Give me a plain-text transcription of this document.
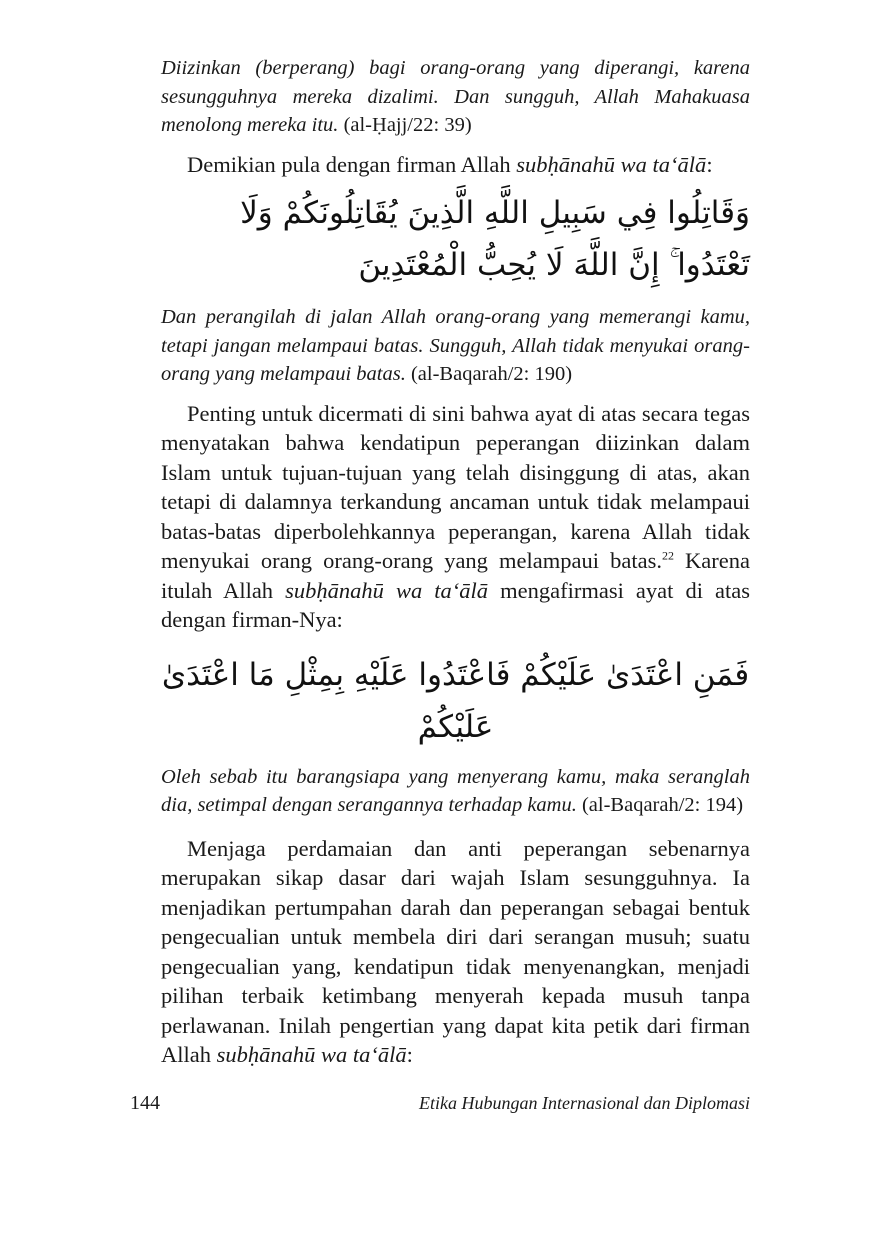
Diizinkan (berperang) bagi orang-orang yang diperangi, karena sesungguhnya mereka dizalimi. Dan sungguh, Allah Mahakuasa menolong mereka itu. (al-Ḥajj/22: 39)

Demikian pula dengan firman Allah subḥānahū wa ta‘ālā:

وَقَاتِلُوا فِي سَبِيلِ اللَّهِ الَّذِينَ يُقَاتِلُونَكُمْ وَلَا تَعْتَدُوا ۚ إِنَّ اللَّهَ لَا يُحِبُّ الْمُعْتَدِينَ

Dan perangilah di jalan Allah orang-orang yang memerangi kamu, tetapi jangan melampaui batas. Sungguh, Allah tidak menyukai orang-orang yang melampaui batas. (al-Baqarah/2: 190)

Penting untuk dicermati di sini bahwa ayat di atas secara tegas menyatakan bahwa kendatipun peperangan diizinkan dalam Islam untuk tujuan-tujuan yang telah disinggung di atas, akan tetapi di dalamnya terkandung ancaman untuk tidak melampaui batas-batas diperbolehkannya peperangan, karena Allah tidak menyukai orang orang-orang yang melampaui batas.$^{22}$ Karena itulah Allah subḥānahū wa ta‘ālā mengafirmasi ayat di atas dengan firman-Nya:

فَمَنِ اعْتَدَىٰ عَلَيْكُمْ فَاعْتَدُوا عَلَيْهِ بِمِثْلِ مَا اعْتَدَىٰ عَلَيْكُمْ

Oleh sebab itu barangsiapa yang menyerang kamu, maka seranglah dia, setimpal dengan serangannya terhadap kamu. (al-Baqarah/2: 194)

Menjaga perdamaian dan anti peperangan sebenarnya merupakan sikap dasar dari wajah Islam sesungguhnya. Ia menjadikan pertumpahan darah dan peperangan sebagai bentuk pengecualian untuk membela diri dari serangan musuh; suatu pengecualian yang, kendatipun tidak menyenangkan, menjadi pilihan terbaik ketimbang menyerah kepada musuh tanpa perlawanan. Inilah pengertian yang dapat kita petik dari firman Allah subḥānahū wa ta‘ālā:

144	Etika Hubungan Internasional dan Diplomasi
